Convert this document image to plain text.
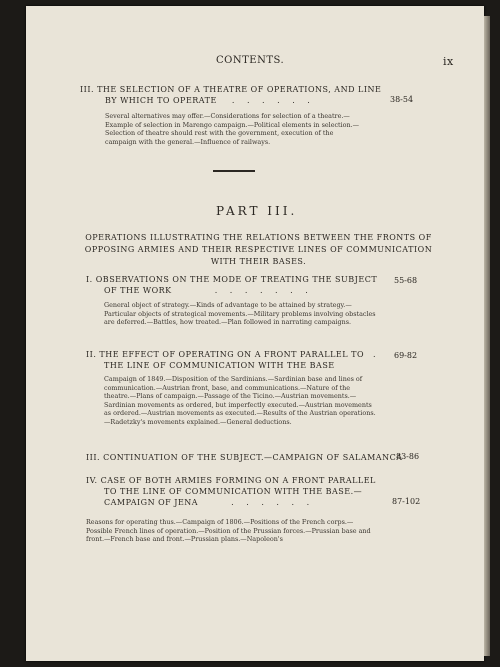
CONTENTS.	ix
III. THE SELECTION OF A THEATRE OF OPERATIONS, AND LINE
BY WHICH TO OPERATE . . . . . .	38-54
Several alternatives may offer.—Considerations for selection of a theatre.—Example of selection in Marengo campaign.—Political elements in selection.—Selection of theatre should rest with the government, execution of the campaign with the general.—Influence of railways.
PART III.
OPERATIONS ILLUSTRATING THE RELATIONS BETWEEN THE FRONTS OF OPPOSING ARMIES AND THEIR RESPECTIVE LINES OF COMMUNICATION WITH THEIR BASES.
I. OBSERVATIONS ON THE MODE OF TREATING THE SUBJECT
OF THE WORK	. . . . . . .
55-68
General object of strategy.—Kinds of advantage to be attained by strategy.—Particular objects of strategical movements.—Military problems involving obstacles are deferred.—Battles, how treated.—Plan followed in narrating campaigns.
II. THE EFFECT OF OPERATING ON A FRONT PARALLEL TO .
THE LINE OF COMMUNICATION WITH THE BASE
69-82
Campaign of 1849.—Disposition of the Sardinians.—Sardinian base and lines of communication.—Austrian front, base, and communications.—Nature of the theatre.—Plans of campaign.—Passage of the Ticino.—Austrian movements.—Sardinian movements as ordered, but imperfectly executed.—Austrian movements as ordered.—Austrian movements as executed.—Results of the Austrian operations.—Radetzky's movements explained.—General deductions.
III. CONTINUATION OF THE SUBJECT.—CAMPAIGN OF SALAMANCA
83-86
IV. CASE OF BOTH ARMIES FORMING ON A FRONT PARALLEL
TO THE LINE OF COMMUNICATION WITH THE BASE.—
CAMPAIGN OF JENA	. . . . . .	87-102
Reasons for operating thus.—Campaign of 1806.—Positions of the French corps.—Possible French lines of operation.—Position of the Prussian forces.—Prussian base and front.—French base and front.—Prussian plans.—Napoleon's
